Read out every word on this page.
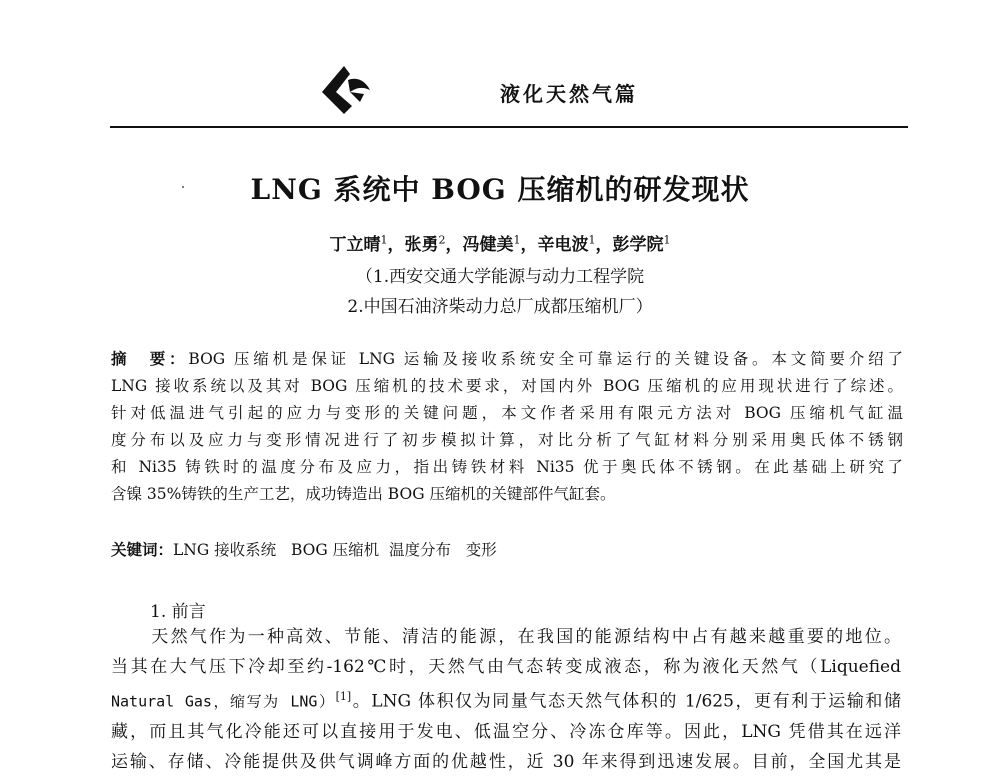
液化天然气篇
LNG 系统中 BOG 压缩机的研发现状
丁立晴$^1$，张勇$^2$，冯健美$^1$，辛电波$^1$，彭学院$^1$
（1.西安交通大学能源与动力工程学院
2.中国石油济柴动力总厂成都压缩机厂）
摘　要：BOG 压缩机是保证 LNG 运输及接收系统安全可靠运行的关键设备。本文简要介绍了
LNG 接收系统以及其对 BOG 压缩机的技术要求，对国内外 BOG 压缩机的应用现状进行了综述。
针对低温进气引起的应力与变形的关键问题，本文作者采用有限元方法对 BOG 压缩机气缸温
度分布以及应力与变形情况进行了初步模拟计算，对比分析了气缸材料分别采用奥氏体不锈钢
和 Ni35 铸铁时的温度分布及应力，指出铸铁材料 Ni35 优于奥氏体不锈钢。在此基础上研究了
含镍 35%铸铁的生产工艺，成功铸造出 BOG 压缩机的关键部件气缸套。
关键词：LNG 接收系统   BOG 压缩机  温度分布   变形
1. 前言
天然气作为一种高效、节能、清洁的能源，在我国的能源结构中占有越来越重要的地位。
当其在大气压下冷却至约-162℃时，天然气由气态转变成液态，称为液化天然气（Liquefied
Natural Gas，缩写为 LNG）[1]。LNG 体积仅为同量气态天然气体积的 1/625，更有利于运输和储
藏，而且其气化冷能还可以直接用于发电、低温空分、冷冻仓库等。因此，LNG 凭借其在远洋
运输、存储、冷能提供及供气调峰方面的优越性，近 30 年来得到迅速发展。目前，全国尤其是
